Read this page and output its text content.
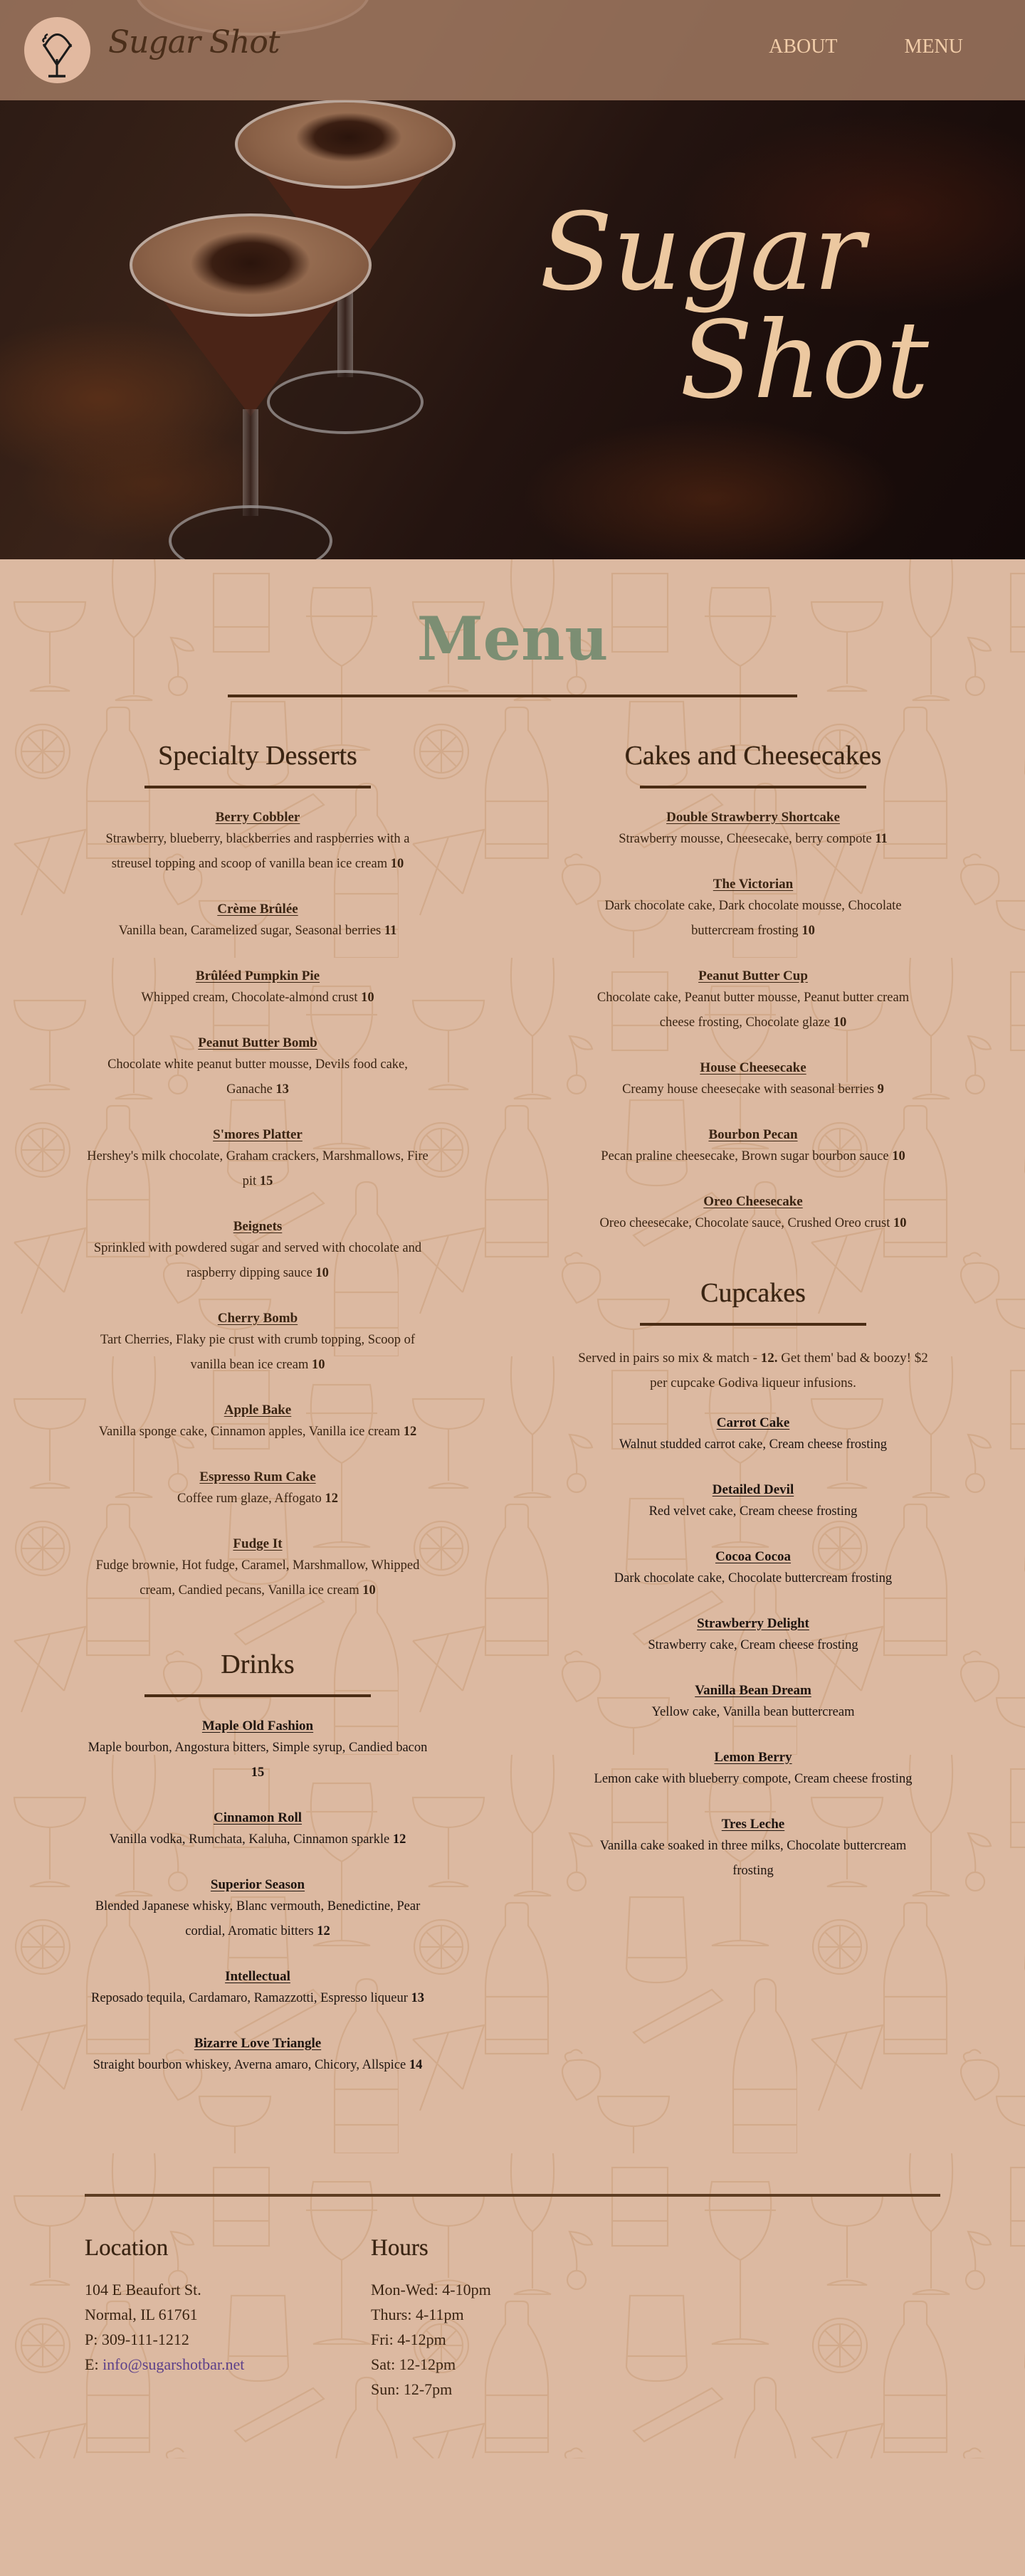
Sugar Shot	ABOUT	MENU
Sugar
Shot
Menu
Specialty Desserts
Berry Cobbler
Strawberry, blueberry, blackberries and raspberries with a streusel topping and scoop of vanilla bean ice cream 10
Crème Brûlée
Vanilla bean, Caramelized sugar, Seasonal berries 11
Brûléed Pumpkin Pie
Whipped cream, Chocolate-almond crust 10
Peanut Butter Bomb
Chocolate white peanut butter mousse, Devils food cake, Ganache 13
S'mores Platter
Hershey's milk chocolate, Graham crackers, Marshmallows, Fire pit 15
Beignets
Sprinkled with powdered sugar and served with chocolate and raspberry dipping sauce 10
Cherry Bomb
Tart Cherries, Flaky pie crust with crumb topping, Scoop of vanilla bean ice cream 10
Apple Bake
Vanilla sponge cake, Cinnamon apples, Vanilla ice cream 12
Espresso Rum Cake
Coffee rum glaze, Affogato 12
Fudge It
Fudge brownie, Hot fudge, Caramel, Marshmallow, Whipped cream, Candied pecans, Vanilla ice cream 10
Drinks
Maple Old Fashion
Maple bourbon, Angostura bitters, Simple syrup, Candied bacon 15
Cinnamon Roll
Vanilla vodka, Rumchata, Kaluha, Cinnamon sparkle 12
Superior Season
Blended Japanese whisky, Blanc vermouth, Benedictine, Pear cordial, Aromatic bitters 12
Intellectual
Reposado tequila, Cardamaro, Ramazzotti, Espresso liqueur 13
Bizarre Love Triangle
Straight bourbon whiskey, Averna amaro, Chicory, Allspice 14
Cakes and Cheesecakes
Double Strawberry Shortcake
Strawberry mousse, Cheesecake, berry compote 11
The Victorian
Dark chocolate cake, Dark chocolate mousse, Chocolate buttercream frosting 10
Peanut Butter Cup
Chocolate cake, Peanut butter mousse, Peanut butter cream cheese frosting, Chocolate glaze 10
House Cheesecake
Creamy house cheesecake with seasonal berries 9
Bourbon Pecan
Pecan praline cheesecake, Brown sugar bourbon sauce 10
Oreo Cheesecake
Oreo cheesecake, Chocolate sauce, Crushed Oreo crust 10
Cupcakes

Served in pairs so mix & match - 12. Get them' bad & boozy! $2 per cupcake Godiva liqueur infusions.

Carrot Cake
Walnut studded carrot cake, Cream cheese frosting
Detailed Devil
Red velvet cake, Cream cheese frosting
Cocoa Cocoa
Dark chocolate cake, Chocolate buttercream frosting
Strawberry Delight
Strawberry cake, Cream cheese frosting
Vanilla Bean Dream
Yellow cake, Vanilla bean buttercream
Lemon Berry
Lemon cake with blueberry compote, Cream cheese frosting
Tres Leche
Vanilla cake soaked in three milks, Chocolate buttercream frosting
Location

104 E Beaufort St.

Normal, IL 61761

P: 309-111-1212

E: info@sugarshotbar.net

Hours

Mon-Wed: 4-10pm

Thurs: 4-11pm

Fri: 4-12pm

Sat: 12-12pm

Sun: 12-7pm
